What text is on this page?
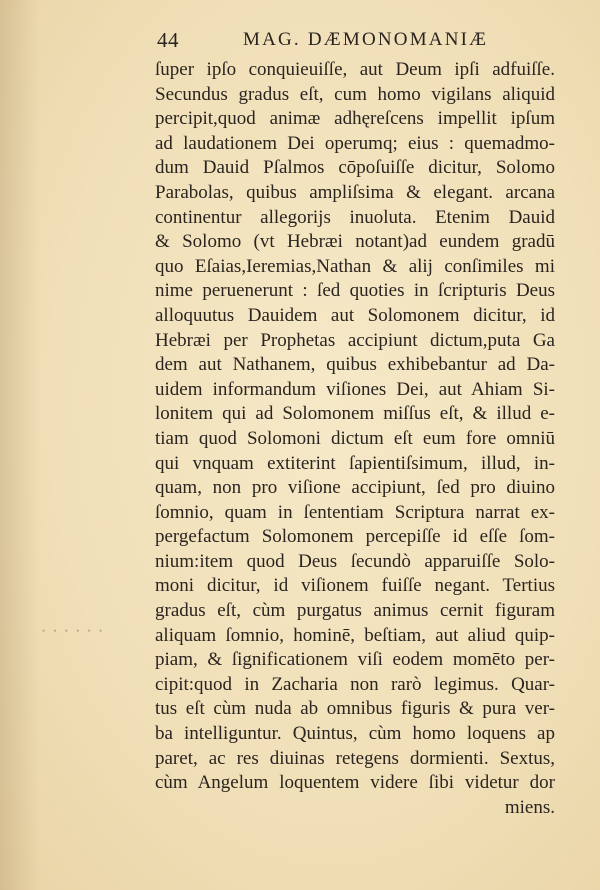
44	MAG. DÆMONOMANIÆ
• • • • • •
ſuper ipſo conquieuiſſe, aut Deum ipſi adfuiſſe.
Secundus gradus eſt, cum homo vigilans aliquid
percipit,quod animæ adhęreſcens impellit ipſum
ad laudationem Dei operumq; eius : quemadmo-
dum Dauid Pſalmos cōpoſuiſſe dicitur, Solomo
Parabolas, quibus ampliſsima & elegant. arcana
continentur allegorijs inuoluta. Etenim Dauid
& Solomo (vt Hebræi notant)ad eundem gradū
quo Eſaias,Ieremias,Nathan & alij conſimiles mi
nime peruenerunt : ſed quoties in ſcripturis Deus
alloquutus Dauidem aut Solomonem dicitur, id
Hebræi per Prophetas accipiunt dictum,puta Ga
dem aut Nathanem, quibus exhibebantur ad Da-
uidem informandum viſiones Dei, aut Ahiam Si-
lonitem qui ad Solomonem miſſus eſt, & illud e-
tiam quod Solomoni dictum eſt eum fore omniū
qui vnquam extiterint ſapientiſsimum, illud, in-
quam, non pro viſione accipiunt, ſed pro diuino
ſomnio, quam in ſententiam Scriptura narrat ex-
pergefactum Solomonem percepiſſe id eſſe ſom-
nium:item quod Deus ſecundò apparuiſſe Solo-
moni dicitur, id viſionem fuiſſe negant. Tertius
gradus eſt, cùm purgatus animus cernit figuram
aliquam ſomnio, hominē, beſtiam, aut aliud quip-
piam, & ſignificationem viſi eodem momēto per-
cipit:quod in Zacharia non rarò legimus. Quar-
tus eſt cùm nuda ab omnibus figuris & pura ver-
ba intelliguntur. Quintus, cùm homo loquens ap
paret, ac res diuinas retegens dormienti. Sextus,
cùm Angelum loquentem videre ſibi videtur dor
miens.
